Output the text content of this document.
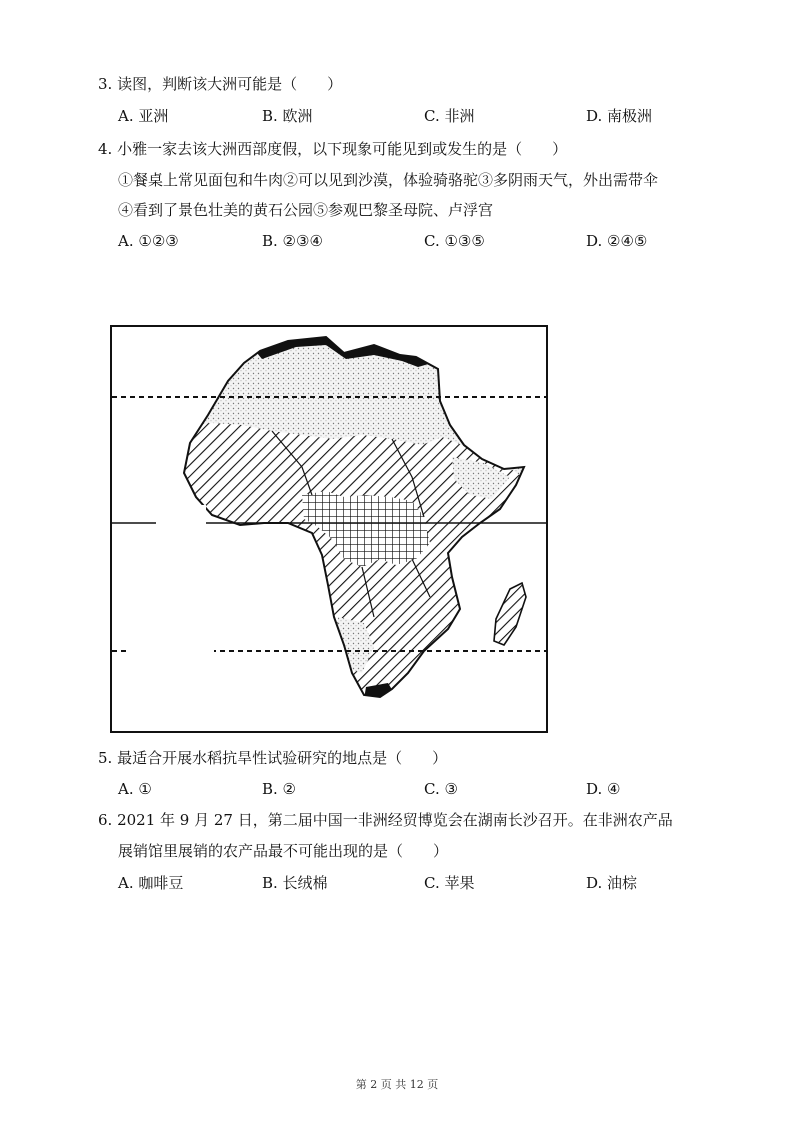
3. 读图，判断该大洲可能是（　　）
A. 亚洲	B. 欧洲	C. 非洲	D. 南极洲
4. 小雅一家去该大洲西部度假，以下现象可能见到或发生的是（　　）
①餐桌上常见面包和牛肉②可以见到沙漠，体验骑骆驼③多阴雨天气，外出需带伞
④看到了景色壮美的黄石公园⑤参观巴黎圣母院、卢浮宫
A. ①②③	B. ②③④	C. ①③⑤	D. ②④⑤
5. 最适合开展水稻抗旱性试验研究的地点是（　　）
A. ①	B. ②	C. ③	D. ④
6. 2021 年 9 月 27 日，第二届中国一非洲经贸博览会在湖南长沙召开。在非洲农产品
展销馆里展销的农产品最不可能出现的是（　　）
A. 咖啡豆	B. 长绒棉	C. 苹果	D. 油棕
第 2 页 共 12 页
